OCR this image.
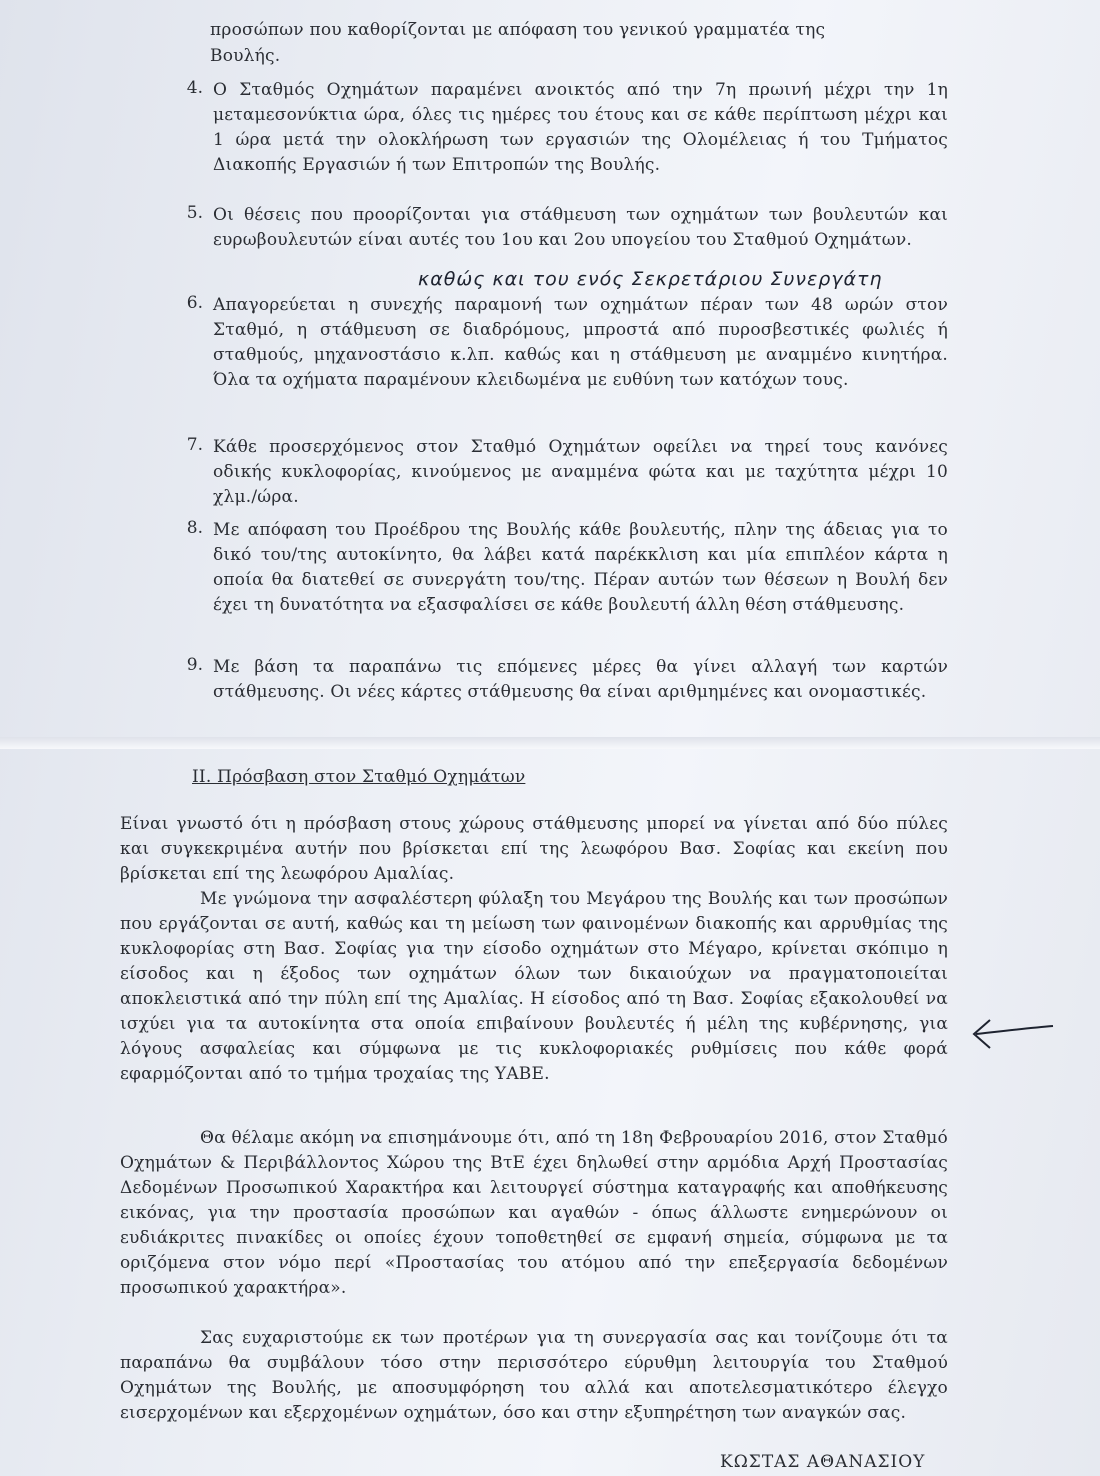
προσώπων που καθορίζονται με απόφαση του γενικού γραμματέα της
Βουλής.
4. Ο Σταθμός Οχημάτων παραμένει ανοικτός από την 7η πρωινή μέχρι την 1η μεταμεσονύκτια ώρα, όλες τις ημέρες του έτους και σε κάθε περίπτωση μέχρι και 1 ώρα μετά την ολοκλήρωση των εργασιών της Ολομέλειας ή του Τμήματος Διακοπής Εργασιών ή των Επιτροπών της Βουλής.
5. Οι θέσεις που προορίζονται για στάθμευση των οχημάτων των βουλευτών και ευρωβουλευτών είναι αυτές του 1ου και 2ου υπογείου του Σταθμού Οχημάτων.
καθώς και του ενός Σεκρετάριου Συνεργάτη
6. Απαγορεύεται η συνεχής παραμονή των οχημάτων πέραν των 48 ωρών στον Σταθμό, η στάθμευση σε διαδρόμους, μπροστά από πυροσβεστικές φωλιές ή σταθμούς, μηχανοστάσιο κ.λπ. καθώς και η στάθμευση με αναμμένο κινητήρα. Όλα τα οχήματα παραμένουν κλειδωμένα με ευθύνη των κατόχων τους.
7. Κάθε προσερχόμενος στον Σταθμό Οχημάτων οφείλει να τηρεί τους κανόνες οδικής κυκλοφορίας, κινούμενος με αναμμένα φώτα και με ταχύτητα μέχρι 10 χλμ./ώρα.
8. Με απόφαση του Προέδρου της Βουλής κάθε βουλευτής, πλην της άδειας για το δικό του/της αυτοκίνητο, θα λάβει κατά παρέκκλιση και μία επιπλέον κάρτα η οποία θα διατεθεί σε συνεργάτη του/της. Πέραν αυτών των θέσεων η Βουλή δεν έχει τη δυνατότητα να εξασφαλίσει σε κάθε βουλευτή άλλη θέση στάθμευσης.
9. Με βάση τα παραπάνω τις επόμενες μέρες θα γίνει αλλαγή των καρτών στάθμευσης. Οι νέες κάρτες στάθμευσης θα είναι αριθμημένες και ονομαστικές.
ΙΙ. Πρόσβαση στον Σταθμό Οχημάτων
Είναι γνωστό ότι η πρόσβαση στους χώρους στάθμευσης μπορεί να γίνεται από δύο πύλες και συγκεκριμένα αυτήν που βρίσκεται επί της λεωφόρου Βασ. Σοφίας και εκείνη που βρίσκεται επί της λεωφόρου Αμαλίας.
Με γνώμονα την ασφαλέστερη φύλαξη του Μεγάρου της Βουλής και των προσώπων που εργάζονται σε αυτή, καθώς και τη μείωση των φαινομένων διακοπής και αρρυθμίας της κυκλοφορίας στη Βασ. Σοφίας για την είσοδο οχημάτων στο Μέγαρο, κρίνεται σκόπιμο η είσοδος και η έξοδος των οχημάτων όλων των δικαιούχων να πραγματοποιείται αποκλειστικά από την πύλη επί της Αμαλίας. Η είσοδος από τη Βασ. Σοφίας εξακολουθεί να ισχύει για τα αυτοκίνητα στα οποία επιβαίνουν βουλευτές ή μέλη της κυβέρνησης, για λόγους ασφαλείας και σύμφωνα με τις κυκλοφοριακές ρυθμίσεις που κάθε φορά εφαρμόζονται από το τμήμα τροχαίας της ΥΑΒΕ.
Θα θέλαμε ακόμη να επισημάνουμε ότι, από τη 18η Φεβρουαρίου 2016, στον Σταθμό Οχημάτων & Περιβάλλοντος Χώρου της ΒτΕ έχει δηλωθεί στην αρμόδια Αρχή Προστασίας Δεδομένων Προσωπικού Χαρακτήρα και λειτουργεί σύστημα καταγραφής και αποθήκευσης εικόνας, για την προστασία προσώπων και αγαθών - όπως άλλωστε ενημερώνουν οι ευδιάκριτες πινακίδες οι οποίες έχουν τοποθετηθεί σε εμφανή σημεία, σύμφωνα με τα οριζόμενα στον νόμο περί «Προστασίας του ατόμου από την επεξεργασία δεδομένων προσωπικού χαρακτήρα».
Σας ευχαριστούμε εκ των προτέρων για τη συνεργασία σας και τονίζουμε ότι τα παραπάνω θα συμβάλουν τόσο στην περισσότερο εύρυθμη λειτουργία του Σταθμού Οχημάτων της Βουλής, με αποσυμφόρηση του αλλά και αποτελεσματικότερο έλεγχο εισερχομένων και εξερχομένων οχημάτων, όσο και στην εξυπηρέτηση των αναγκών σας.
ΚΩΣΤΑΣ ΑΘΑΝΑΣΙΟΥ
